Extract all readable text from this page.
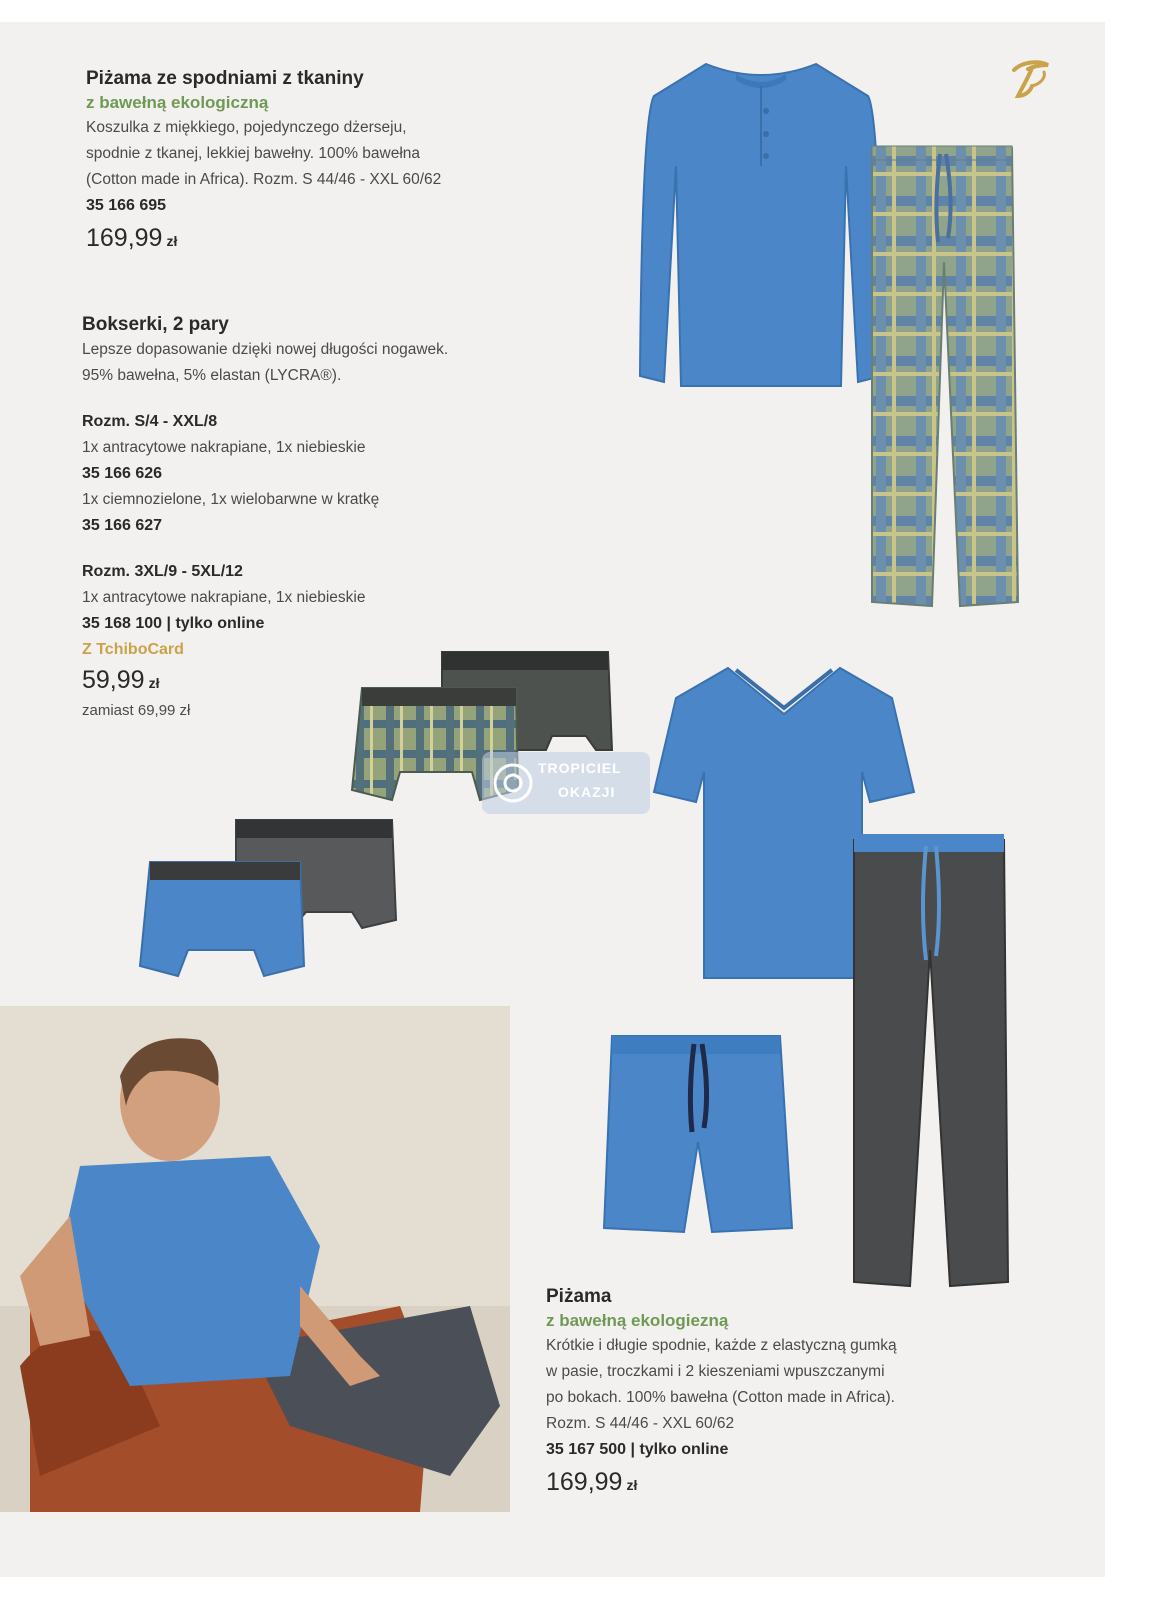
Piżama ze spodniami z tkaniny
z bawełną ekologiczną
Koszulka z miękkiego, pojedynczego dżerseju,
spodnie z tkanej, lekkiej bawełny. 100% bawełna
(Cotton made in Africa). Rozm. S 44/46 - XXL 60/62
35 166 695
169,99 zł
Bokserki, 2 pary
Lepsze dopasowanie dzięki nowej długości nogawek.
95% bawełna, 5% elastan (LYCRA®).
Rozm. S/4 - XXL/8
1x antracytowe nakrapiane, 1x niebieskie
35 166 626
1x ciemnozielone, 1x wielobarwne w kratkę
35 166 627
Rozm. 3XL/9 - 5XL/12
1x antracytowe nakrapiane, 1x niebieskie
35 168 100 | tylko online
Z TchiboCard
59,99 zł
zamiast 69,99 zł
Piżama
z bawełną ekologiezną
Krótkie i długie spodnie, każde z elastyczną gumką
w pasie, troczkami i 2 kieszeniami wpuszczanymi
po bokach. 100% bawełna (Cotton made in Africa).
Rozm. S 44/46 - XXL 60/62
35 167 500 | tylko online
169,99 zł
TROPICIEL
OKAZJI
